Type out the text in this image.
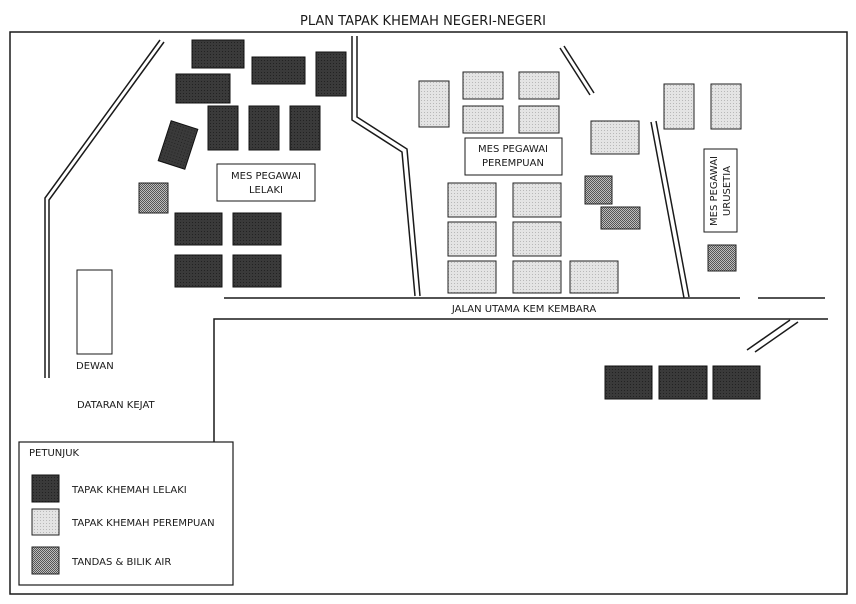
PLAN TAPAK KHEMAH NEGERI-NEGERI
MES PEGAWAI
LELAKI
MES PEGAWAI
PEREMPUAN	MES PEGAWAI URUSETIA
DEWAN
DATARAN KEJAT
JALAN UTAMA KEM KEMBARA
PETUNJUK
TAPAK KHEMAH LELAKI
TAPAK KHEMAH PEREMPUAN
TANDAS & BILIK AIR
